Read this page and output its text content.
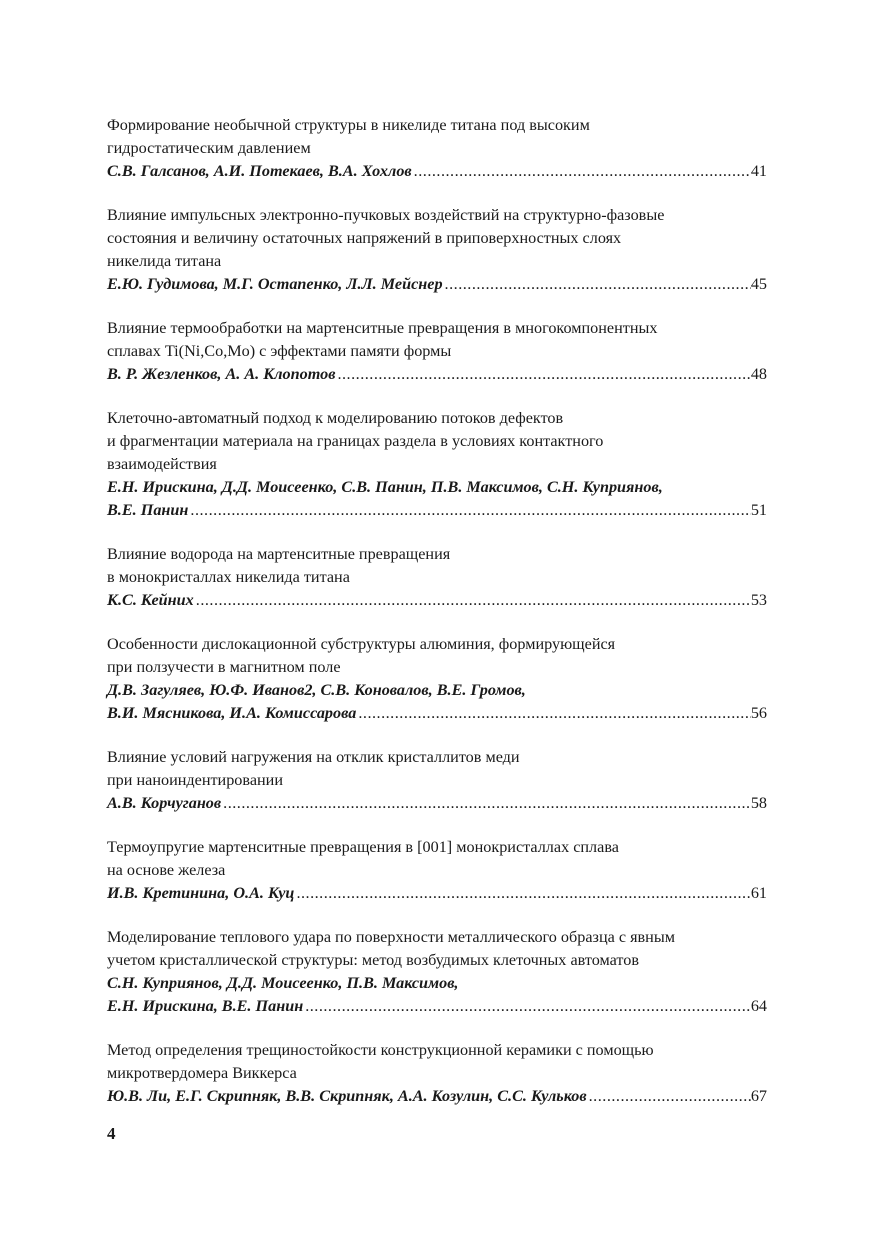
Формирование необычной структуры в никелиде титана под высоким
гидростатическим давлением
С.В. Галсанов, А.И. Потекаев, В.А. Хохлов .....	41
Влияние импульсных электронно-пучковых воздействий на структурно-фазовые
состояния и величину остаточных напряжений в приповерхностных слоях
никелида титана
Е.Ю. Гудимова, М.Г. Остапенко, Л.Л. Мейснер .....	45
Влияние термообработки на мартенситные превращения в многокомпонентных
сплавах Ti(Ni,Co,Mo) с эффектами памяти формы
В. Р. Жезленков, А. А. Клопотов .....	48
Клеточно-автоматный подход к моделированию потоков дефектов
и фрагментации материала на границах раздела в условиях контактного
взаимодействия
Е.Н. Ирискина, Д.Д. Моисеенко, С.В. Панин, П.В. Максимов, С.Н. Куприянов,
В.Е. Панин .....	51
Влияние водорода на мартенситные превращения
в монокристаллах никелида титана
К.С. Кейних .....	53
Особенности дислокационной субструктуры алюминия, формирующейся
при ползучести в магнитном поле
Д.В. Загуляев, Ю.Ф. Иванов2, С.В. Коновалов, В.Е. Громов,
В.И. Мясникова, И.А. Комиссарова .....	56
Влияние условий нагружения на отклик кристаллитов меди
при наноиндентировании
А.В. Корчуганов .....	58
Термоупругие мартенситные превращения в [001] монокристаллах сплава
на основе железа
И.В. Кретинина, О.А. Куц .....	61
Моделирование теплового удара по поверхности металлического образца с явным
учетом кристаллической структуры: метод возбудимых клеточных автоматов
С.Н. Куприянов, Д.Д. Моисеенко, П.В. Максимов,
Е.Н. Ирискина, В.Е. Панин .....	64
Метод определения трещиностойкости конструкционной керамики с помощью
микротвердомера Виккерса
Ю.В. Ли, Е.Г. Скрипняк, В.В. Скрипняк, А.А. Козулин, С.С. Кульков .....	67
4
